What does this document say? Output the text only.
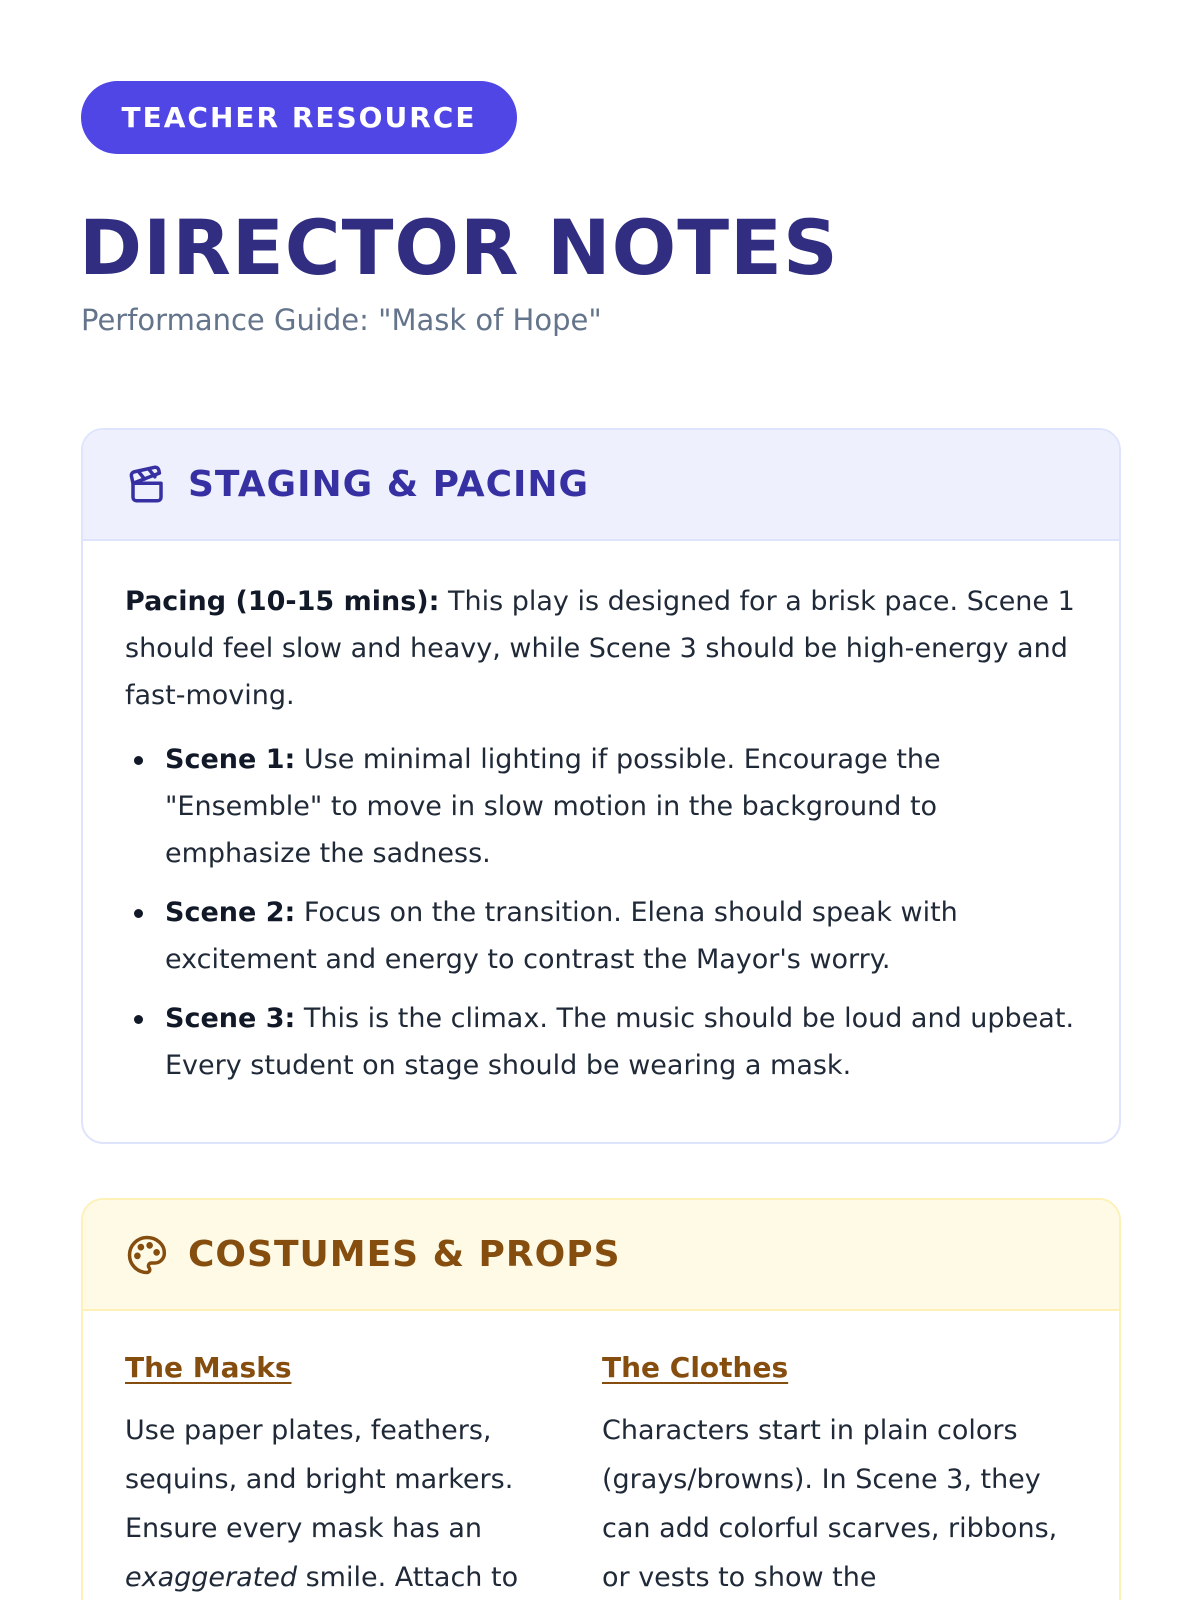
TEACHER RESOURCE
DIRECTOR NOTES
Performance Guide: "Mask of Hope"
STAGING & PACING

Pacing (10-15 mins): This play is designed for a brisk pace. Scene 1 should feel slow and heavy, while Scene 3 should be high-energy and fast-moving.

Scene 1: Use minimal lighting if possible. Encourage the "Ensemble" to move in slow motion in the background to emphasize the sadness.
Scene 2: Focus on the transition. Elena should speak with excitement and energy to contrast the Mayor's worry.
Scene 3: This is the climax. The music should be loud and upbeat. Every student on stage should be wearing a mask.
COSTUMES & PROPS
The Masks

Use paper plates, feathers, sequins, and bright markers. Ensure every mask has an exaggerated smile. Attach to

The Clothes

Characters start in plain colors (grays/browns). In Scene 3, they can add colorful scarves, ribbons, or vests to show the
